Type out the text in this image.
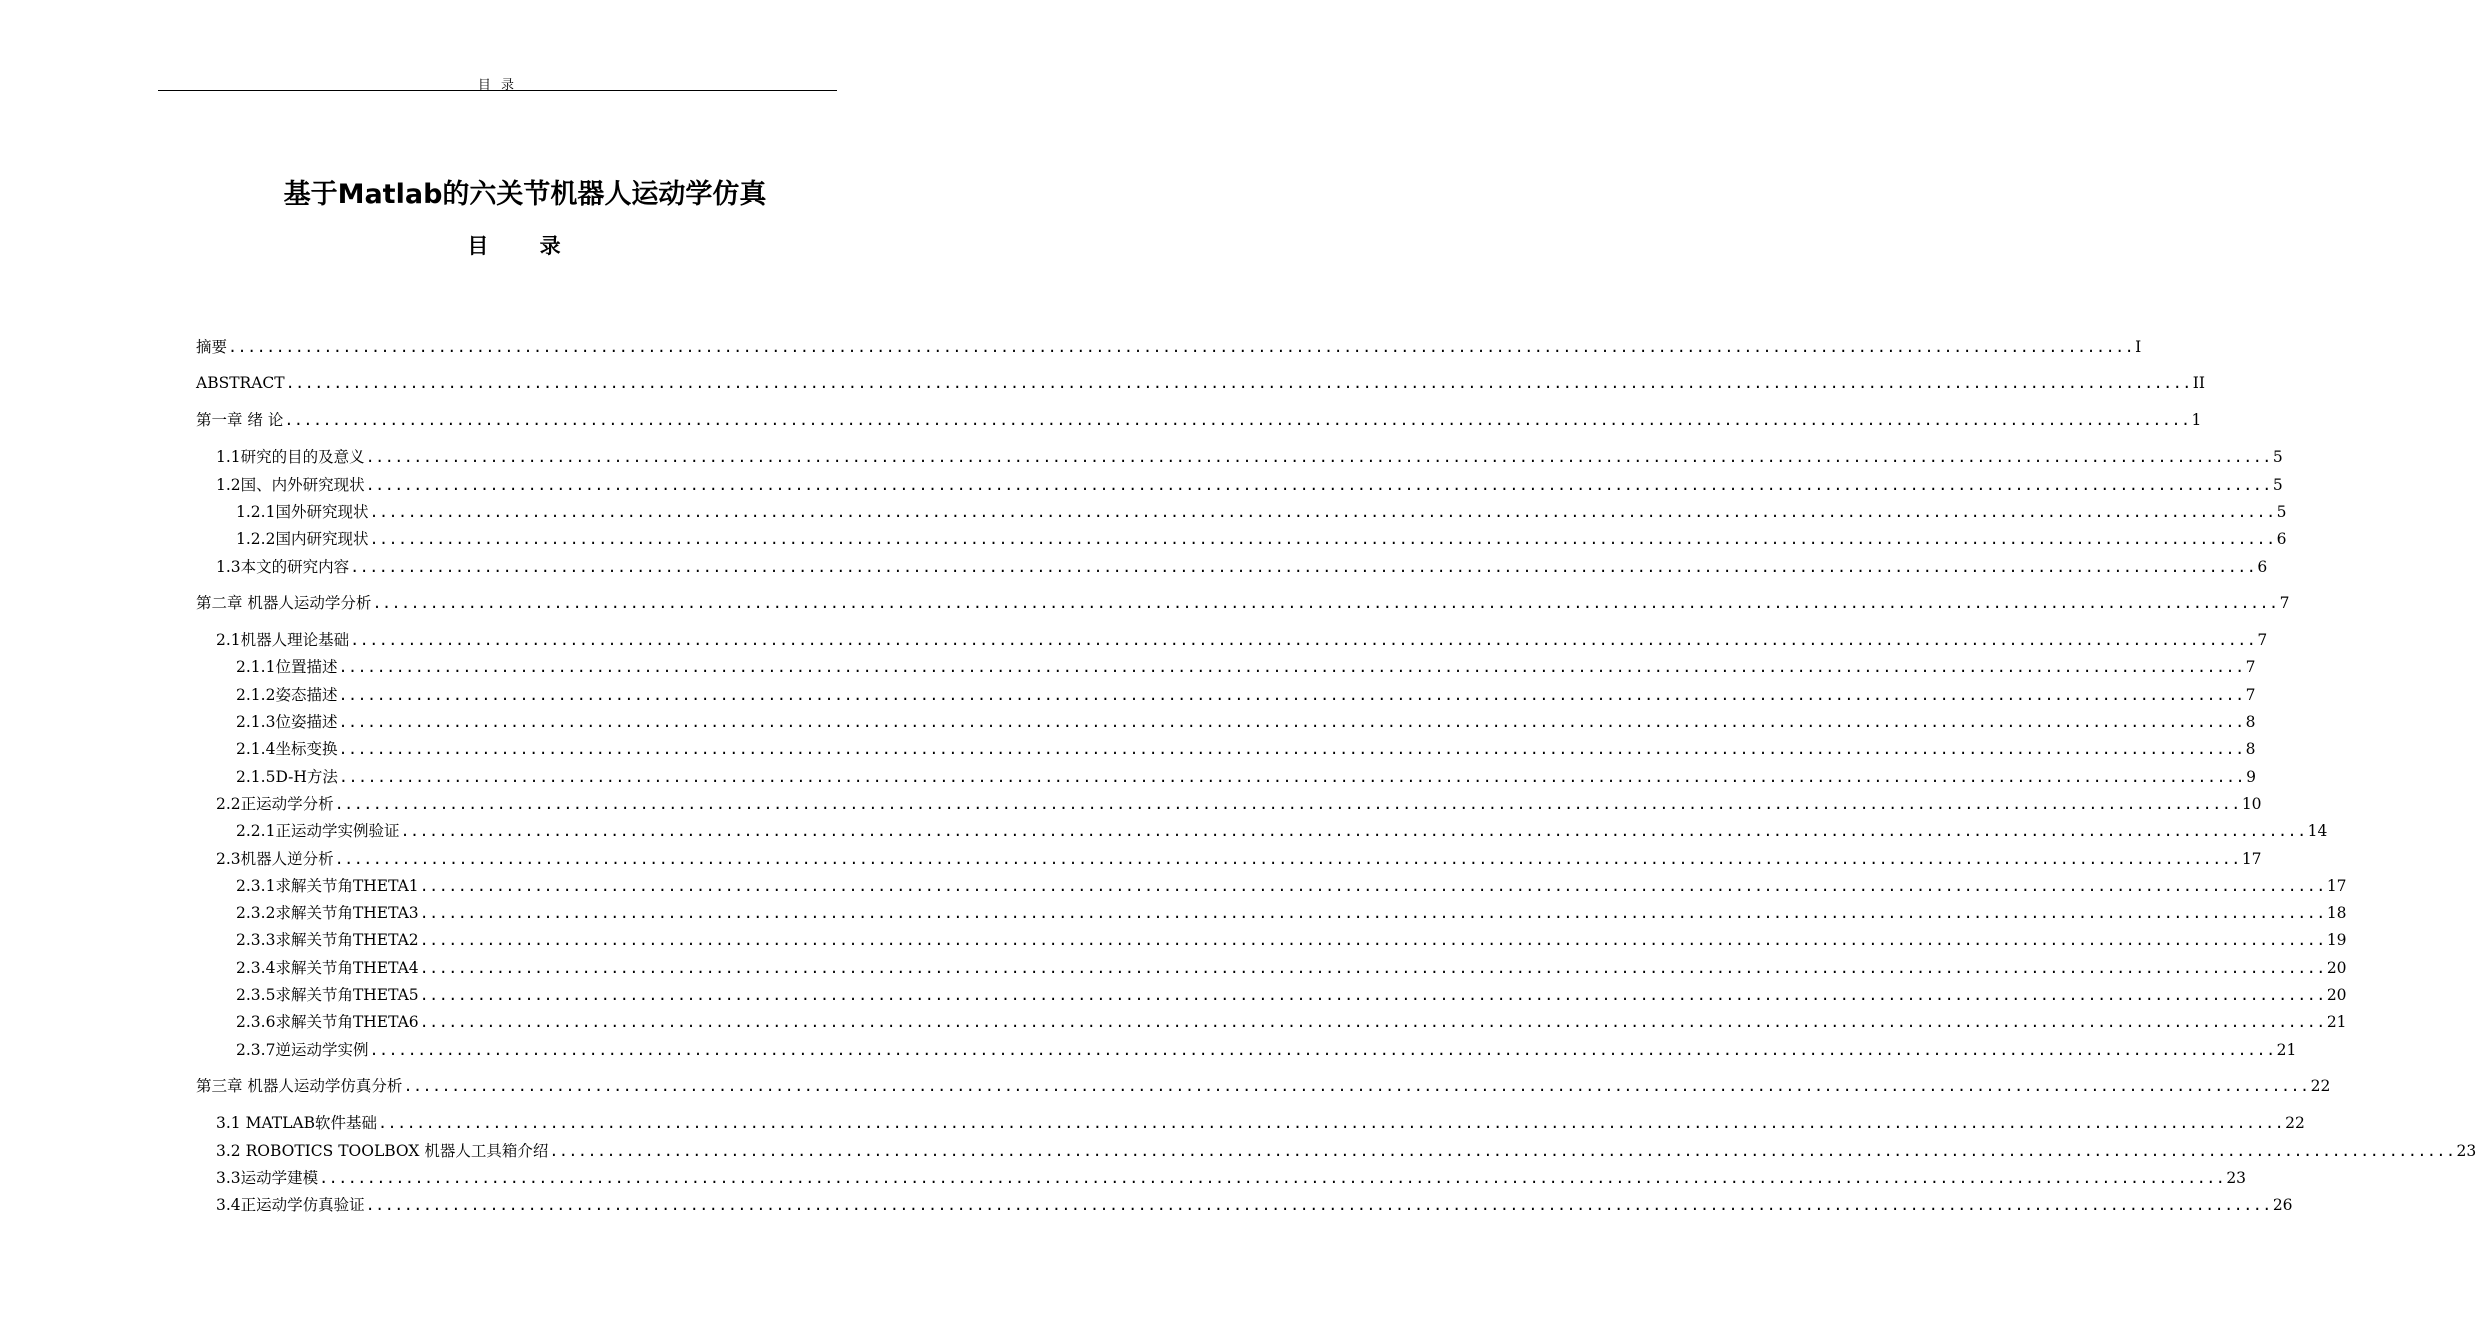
目 录
基于Matlab的六关节机器人运动学仿真
目 录
摘要 ........................................................................................................................................................................................................ I
ABSTRACT ........................................................................................................................................................................................................ II
第一章 绪 论 ........................................................................................................................................................................................................ 1
1.1研究的目的及意义 ........................................................................................................................................................................................................ 5
1.2国、内外研究现状 ........................................................................................................................................................................................................ 5
1.2.1国外研究现状 ........................................................................................................................................................................................................ 5
1.2.2国内研究现状 ........................................................................................................................................................................................................ 6
1.3本文的研究内容 ........................................................................................................................................................................................................ 6
第二章 机器人运动学分析 ........................................................................................................................................................................................................ 7
2.1机器人理论基础 ........................................................................................................................................................................................................ 7
2.1.1位置描述 ........................................................................................................................................................................................................ 7
2.1.2姿态描述 ........................................................................................................................................................................................................ 7
2.1.3位姿描述 ........................................................................................................................................................................................................ 8
2.1.4坐标变换 ........................................................................................................................................................................................................ 8
2.1.5D-H方法 ........................................................................................................................................................................................................ 9
2.2正运动学分析 ........................................................................................................................................................................................................ 10
2.2.1正运动学实例验证 ........................................................................................................................................................................................................ 14
2.3机器人逆分析 ........................................................................................................................................................................................................ 17
2.3.1求解关节角THETA1 ........................................................................................................................................................................................................ 17
2.3.2求解关节角THETA3 ........................................................................................................................................................................................................ 18
2.3.3求解关节角THETA2 ........................................................................................................................................................................................................ 19
2.3.4求解关节角THETA4 ........................................................................................................................................................................................................ 20
2.3.5求解关节角THETA5 ........................................................................................................................................................................................................ 20
2.3.6求解关节角THETA6 ........................................................................................................................................................................................................ 21
2.3.7逆运动学实例 ........................................................................................................................................................................................................ 21
第三章 机器人运动学仿真分析 ........................................................................................................................................................................................................ 22
3.1 MATLAB软件基础 ........................................................................................................................................................................................................ 22
3.2 ROBOTICS TOOLBOX 机器人工具箱介绍 ........................................................................................................................................................................................................ 23
3.3运动学建模 ........................................................................................................................................................................................................ 23
3.4正运动学仿真验证 ........................................................................................................................................................................................................ 26
